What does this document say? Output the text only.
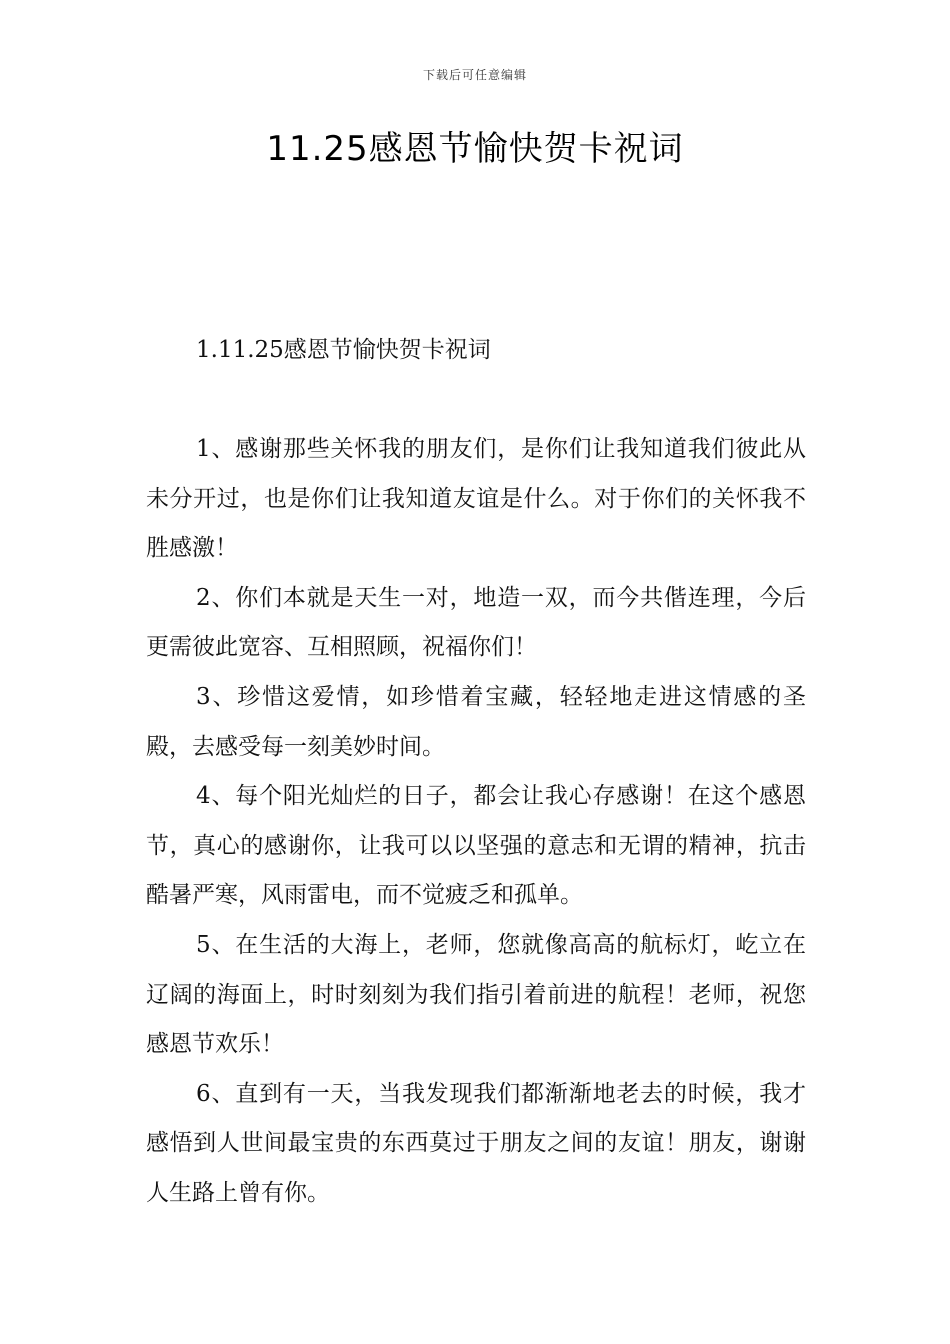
下载后可任意编辑
11.25感恩节愉快贺卡祝词
1.11.25感恩节愉快贺卡祝词

1、感谢那些关怀我的朋友们，是你们让我知道我们彼此从未分开过，也是你们让我知道友谊是什么。对于你们的关怀我不胜感激！

2、你们本就是天生一对，地造一双，而今共偕连理，今后更需彼此宽容、互相照顾，祝福你们！

3、珍惜这爱情，如珍惜着宝藏，轻轻地走进这情感的圣殿，去感受每一刻美妙时间。

4、每个阳光灿烂的日子，都会让我心存感谢！在这个感恩节，真心的感谢你，让我可以以坚强的意志和无谓的精神，抗击酷暑严寒，风雨雷电，而不觉疲乏和孤单。

5、在生活的大海上，老师，您就像高高的航标灯，屹立在辽阔的海面上，时时刻刻为我们指引着前进的航程！老师，祝您感恩节欢乐！

6、直到有一天，当我发现我们都渐渐地老去的时候，我才感悟到人世间最宝贵的东西莫过于朋友之间的友谊！朋友，谢谢人生路上曾有你。
